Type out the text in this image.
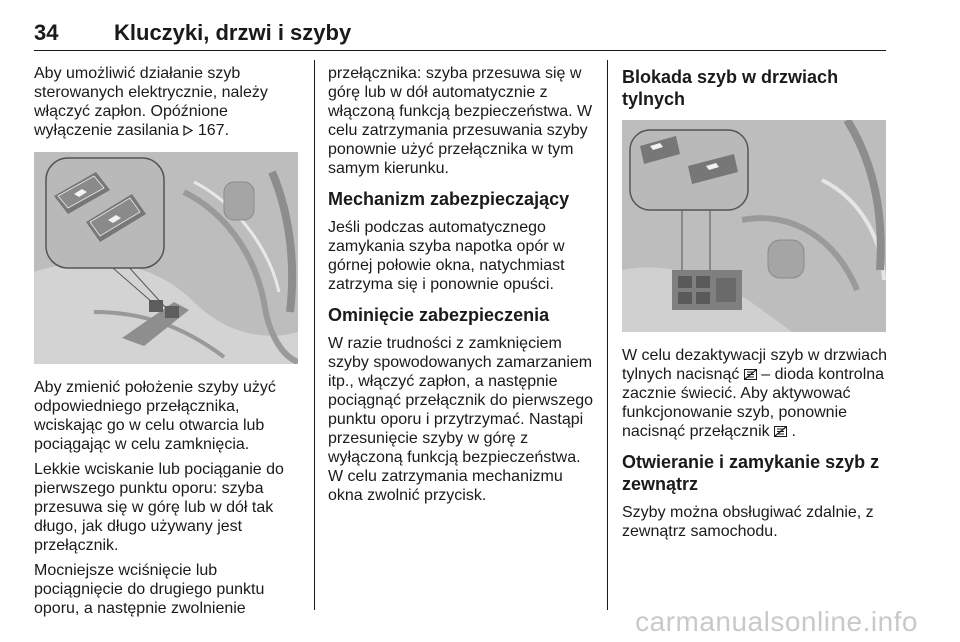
34	Kluczyki, drzwi i szyby

Aby umożliwić działanie szyb sterowanych elektrycznie, należy włączyć zapłon. Opóźnione wyłączenie zasilania 167.

Aby zmienić położenie szyby użyć odpowiedniego przełącznika, wciskając go w celu otwarcia lub pociągając w celu zamknięcia.

Lekkie wciskanie lub pociąganie do pierwszego punktu oporu: szyba przesuwa się w górę lub w dół tak długo, jak długo używany jest przełącznik.

Mocniejsze wciśnięcie lub pociągnięcie do drugiego punktu oporu, a następnie zwolnienie

przełącznika: szyba przesuwa się w górę lub w dół automatycznie z włączoną funkcją bezpieczeństwa. W celu zatrzymania przesuwania szyby ponownie użyć przełącznika w tym samym kierunku.

Mechanizm zabezpieczający

Jeśli podczas automatycznego zamykania szyba napotka opór w górnej połowie okna, natychmiast zatrzyma się i ponownie opuści.

Ominięcie zabezpieczenia

W razie trudności z zamknięciem szyby spowodowanych zamarzaniem itp., włączyć zapłon, a następnie pociągnąć przełącznik do pierwszego punktu oporu i przytrzymać. Nastąpi przesunięcie szyby w górę z wyłączoną funkcją bezpieczeństwa. W celu zatrzymania mechanizmu okna zwolnić przycisk.

Blokada szyb w drzwiach tylnych

W celu dezaktywacji szyb w drzwiach tylnych nacisnąć – dioda kontrolna zacznie świecić. Aby aktywować funkcjonowanie szyb, ponownie nacisnąć przełącznik .

Otwieranie i zamykanie szyb z zewnątrz

Szyby można obsługiwać zdalnie, z zewnątrz samochodu.

carmanualsonline.info
